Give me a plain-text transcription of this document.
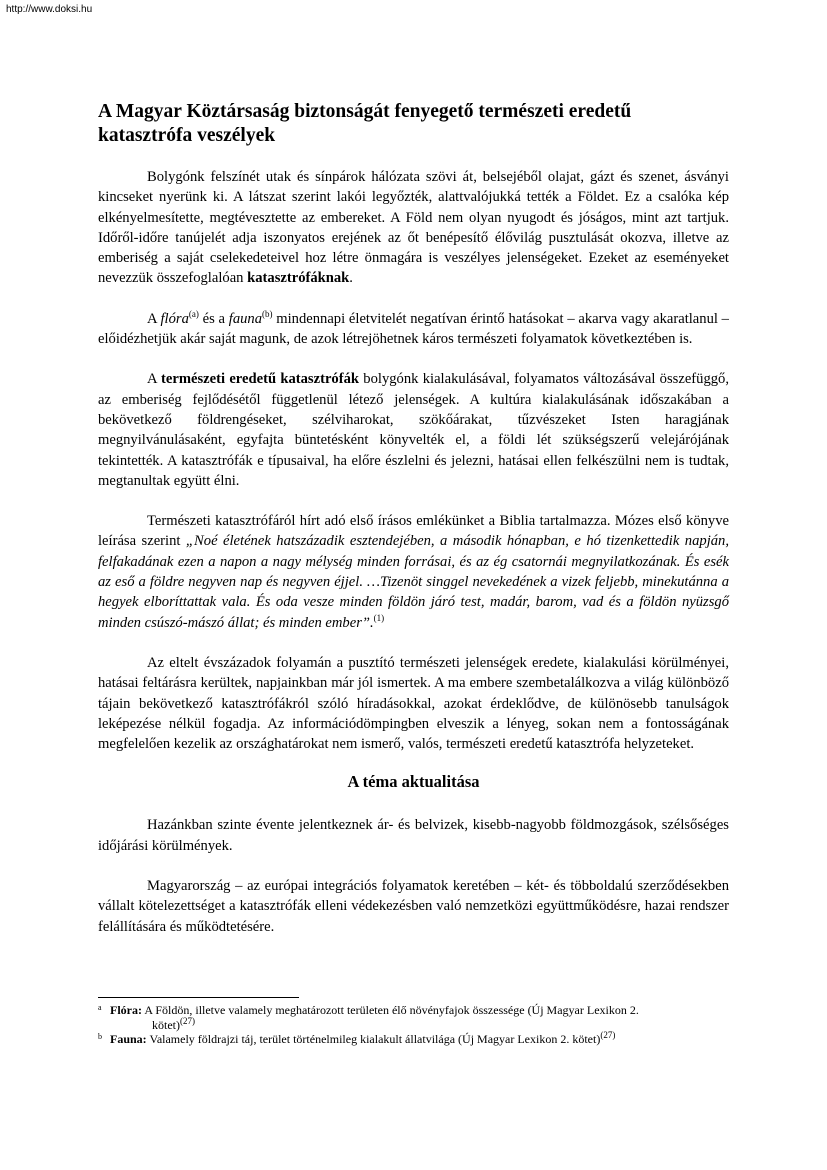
http://www.doksi.hu
A Magyar Köztársaság biztonságát fenyegető természeti eredetű katasztrófa veszélyek

Bolygónk felszínét utak és sínpárok hálózata szövi át, belsejéből olajat, gázt és szenet, ásványi kincseket nyerünk ki. A látszat szerint lakói legyőzték, alattvalójukká tették a Földet. Ez a csalóka kép elkényelmesítette, megtévesztette az embereket. A Föld nem olyan nyugodt és jóságos, mint azt tartjuk. Időről-időre tanújelét adja iszonyatos erejének az őt benépesítő élővilág pusztulását okozva, illetve az emberiség a saját cselekedeteivel hoz létre önmagára is veszélyes jelenségeket. Ezeket az eseményeket nevezzük összefoglalóan katasztrófáknak.

A flóra$^{(a)}$ és a fauna$^{(b)}$ mindennapi életvitelét negatívan érintő hatásokat – akarva vagy akaratlanul – előidézhetjük akár saját magunk, de azok létrejöhetnek káros természeti folyamatok következtében is.

A természeti eredetű katasztrófák bolygónk kialakulásával, folyamatos változásával összefüggő, az emberiség fejlődésétől függetlenül létező jelenségek. A kultúra kialakulásának időszakában a bekövetkező földrengéseket, szélviharokat, szökőárakat, tűzvészeket Isten haragjának megnyilvánulásaként, egyfajta büntetésként könyvelték el, a földi lét szükségszerű velejárójának tekintették. A katasztrófák e típusaival, ha előre észlelni és jelezni, hatásai ellen felkészülni nem is tudtak, megtanultak együtt élni.

Természeti katasztrófáról hírt adó első írásos emlékünket a Biblia tartalmazza. Mózes első könyve leírása szerint „Noé életének hatszázadik esztendejében, a második hónapban, e hó tizenkettedik napján, felfakadának ezen a napon a nagy mélység minden forrásai, és az ég csatornái megnyilatkozának. És esék az eső a földre negyven nap és negyven éjjel. …Tizenöt singgel nevekedének a vizek feljebb, minekutánna a hegyek elboríttattak vala. És oda vesze minden földön járó test, madár, barom, vad és a földön nyüzsgő minden csúszó-mászó állat; és minden ember”.$^{(1)}$

Az eltelt évszázadok folyamán a pusztító természeti jelenségek eredete, kialakulási körülményei, hatásai feltárásra kerültek, napjainkban már jól ismertek. A ma embere szembetalálkozva a világ különböző tájain bekövetkező katasztrófákról szóló híradásokkal, azokat érdeklődve, de különösebb tanulságok leképezése nélkül fogadja. Az információdömpingben elveszik a lényeg, sokan nem a fontosságának megfelelően kezelik az országhatárokat nem ismerő, valós, természeti eredetű katasztrófa helyzeteket.

A téma aktualitása

Hazánkban szinte évente jelentkeznek ár- és belvizek, kisebb-nagyobb földmozgások, szélsőséges időjárási körülmények.

Magyarország – az európai integrációs folyamatok keretében – két- és többoldalú szerződésekben vállalt kötelezettséget a katasztrófák elleni védekezésben való nemzetközi együttműködésre, hazai rendszer felállítására és működtetésére.

a Flóra: A Földön, illetve valamely meghatározott területen élő növényfajok összessége (Új Magyar Lexikon 2.
kötet)$^{(27)}$

b Fauna: Valamely földrajzi táj, terület történelmileg kialakult állatvilága (Új Magyar Lexikon 2. kötet)$^{(27)}$
